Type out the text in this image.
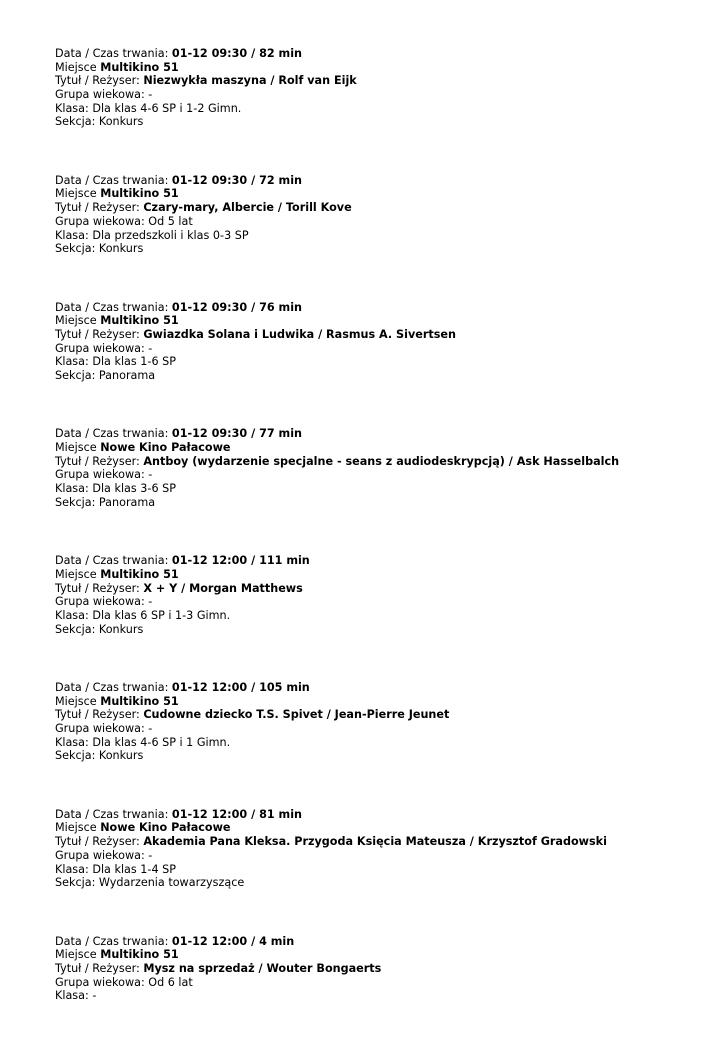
Data / Czas trwania: 01-12 09:30 / 82 min
Miejsce Multikino 51
Tytuł / Reżyser: Niezwykła maszyna / Rolf van Eijk
Grupa wiekowa: -
Klasa: Dla klas 4-6 SP i 1-2 Gimn.
Sekcja: Konkurs
Data / Czas trwania: 01-12 09:30 / 72 min
Miejsce Multikino 51
Tytuł / Reżyser: Czary-mary, Albercie / Torill Kove
Grupa wiekowa: Od 5 lat
Klasa: Dla przedszkoli i klas 0-3 SP
Sekcja: Konkurs
Data / Czas trwania: 01-12 09:30 / 76 min
Miejsce Multikino 51
Tytuł / Reżyser: Gwiazdka Solana i Ludwika / Rasmus A. Sivertsen
Grupa wiekowa: -
Klasa: Dla klas 1-6 SP
Sekcja: Panorama
Data / Czas trwania: 01-12 09:30 / 77 min
Miejsce Nowe Kino Pałacowe
Tytuł / Reżyser: Antboy (wydarzenie specjalne - seans z audiodeskrypcją) / Ask Hasselbalch
Grupa wiekowa: -
Klasa: Dla klas 3-6 SP
Sekcja: Panorama
Data / Czas trwania: 01-12 12:00 / 111 min
Miejsce Multikino 51
Tytuł / Reżyser: X + Y / Morgan Matthews
Grupa wiekowa: -
Klasa: Dla klas 6 SP i 1-3 Gimn.
Sekcja: Konkurs
Data / Czas trwania: 01-12 12:00 / 105 min
Miejsce Multikino 51
Tytuł / Reżyser: Cudowne dziecko T.S. Spivet / Jean-Pierre Jeunet
Grupa wiekowa: -
Klasa: Dla klas 4-6 SP i 1 Gimn.
Sekcja: Konkurs
Data / Czas trwania: 01-12 12:00 / 81 min
Miejsce Nowe Kino Pałacowe
Tytuł / Reżyser: Akademia Pana Kleksa. Przygoda Księcia Mateusza / Krzysztof Gradowski
Grupa wiekowa: -
Klasa: Dla klas 1-4 SP
Sekcja: Wydarzenia towarzyszące
Data / Czas trwania: 01-12 12:00 / 4 min
Miejsce Multikino 51
Tytuł / Reżyser: Mysz na sprzedaż / Wouter Bongaerts
Grupa wiekowa: Od 6 lat
Klasa: -
